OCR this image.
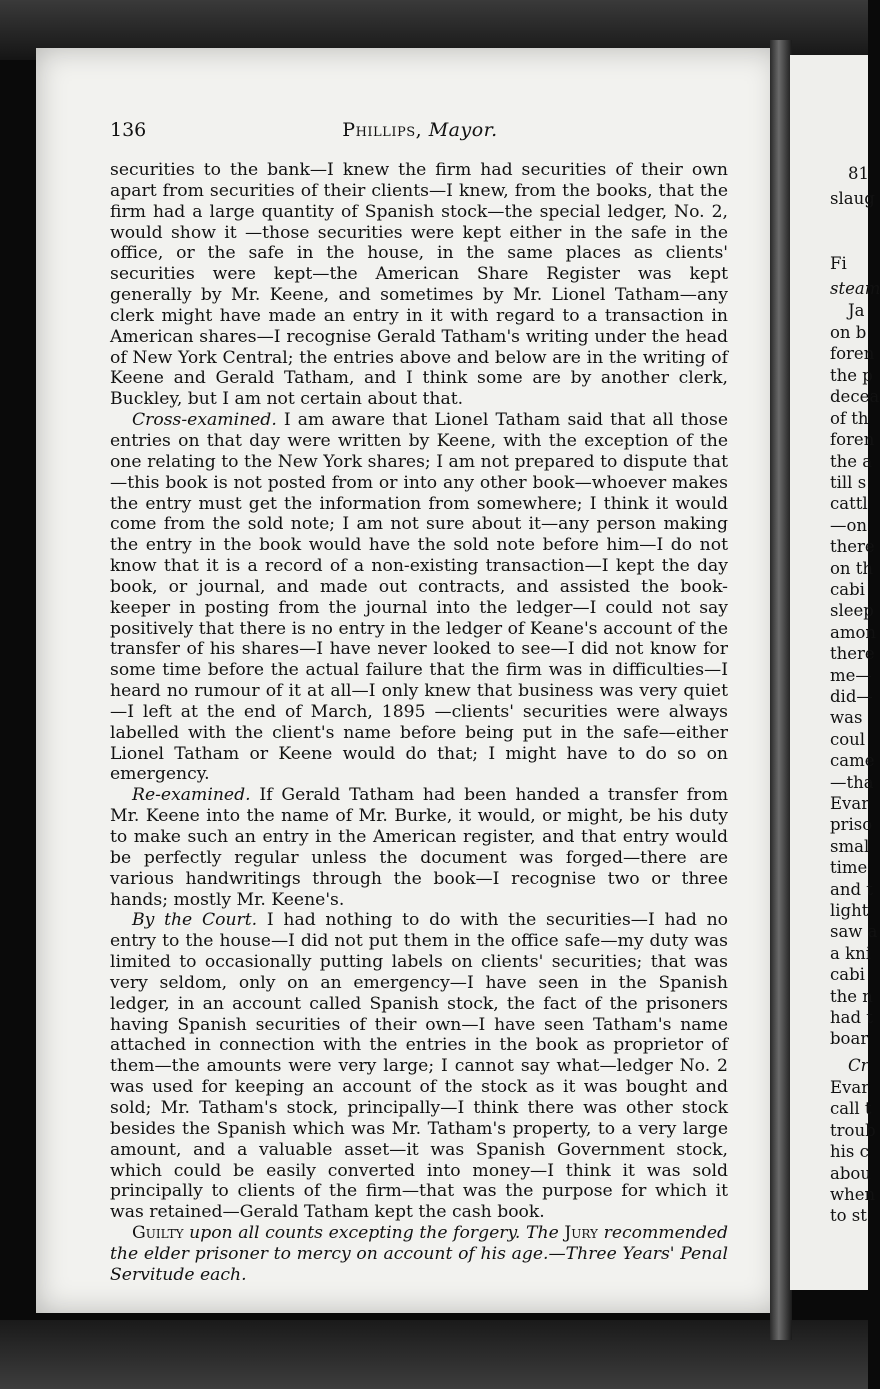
81
slaug
Fi
steam
Ja
on b
foren
the p
decea
of th
foren
the a
till s
cattl
—on
there
on th
cabi
sleep
amon
there
me—
did—
was
coul
came
—tha
Evar
priso
smal
time
and t
light
saw a
a kni
cabi
the n
had t
boar
Cr
Evar
call t
troub
his c
abou
when
to st
136	Phillips, Mayor.

securities to the bank—I knew the firm had securities of their own apart from securities of their clients—I knew, from the books, that the firm had a large quantity of Spanish stock—the special ledger, No. 2, would show it —those securities were kept either in the safe in the office, or the safe in the house, in the same places as clients' securities were kept—the American Share Register was kept generally by Mr. Keene, and sometimes by Mr. Lionel Tatham—any clerk might have made an entry in it with regard to a transaction in American shares—I recognise Gerald Tatham's writing under the head of New York Central; the entries above and below are in the writing of Keene and Gerald Tatham, and I think some are by another clerk, Buckley, but I am not certain about that.

Cross-examined. I am aware that Lionel Tatham said that all those entries on that day were written by Keene, with the exception of the one relating to the New York shares; I am not prepared to dispute that—this book is not posted from or into any other book—whoever makes the entry must get the information from somewhere; I think it would come from the sold note; I am not sure about it—any person making the entry in the book would have the sold note before him—I do not know that it is a record of a non-existing transaction—I kept the day book, or journal, and made out contracts, and assisted the book-keeper in posting from the journal into the ledger—I could not say positively that there is no entry in the ledger of Keane's account of the transfer of his shares—I have never looked to see—I did not know for some time before the actual failure that the firm was in difficulties—I heard no rumour of it at all—I only knew that business was very quiet—I left at the end of March, 1895 —clients' securities were always labelled with the client's name before being put in the safe—either Lionel Tatham or Keene would do that; I might have to do so on emergency.

Re-examined. If Gerald Tatham had been handed a transfer from Mr. Keene into the name of Mr. Burke, it would, or might, be his duty to make such an entry in the American register, and that entry would be perfectly regular unless the document was forged—there are various handwritings through the book—I recognise two or three hands; mostly Mr. Keene's.

By the Court. I had nothing to do with the securities—I had no entry to the house—I did not put them in the office safe—my duty was limited to occasionally putting labels on clients' securities; that was very seldom, only on an emergency—I have seen in the Spanish ledger, in an account called Spanish stock, the fact of the prisoners having Spanish securities of their own—I have seen Tatham's name attached in connection with the entries in the book as proprietor of them—the amounts were very large; I cannot say what—ledger No. 2 was used for keeping an account of the stock as it was bought and sold; Mr. Tatham's stock, principally—I think there was other stock besides the Spanish which was Mr. Tatham's property, to a very large amount, and a valuable asset—it was Spanish Government stock, which could be easily converted into money—I think it was sold principally to clients of the firm—that was the purpose for which it was retained—Gerald Tatham kept the cash book.

Guilty upon all counts excepting the forgery. The Jury recommended the elder prisoner to mercy on account of his age.—Three Years' Penal Servitude each.
